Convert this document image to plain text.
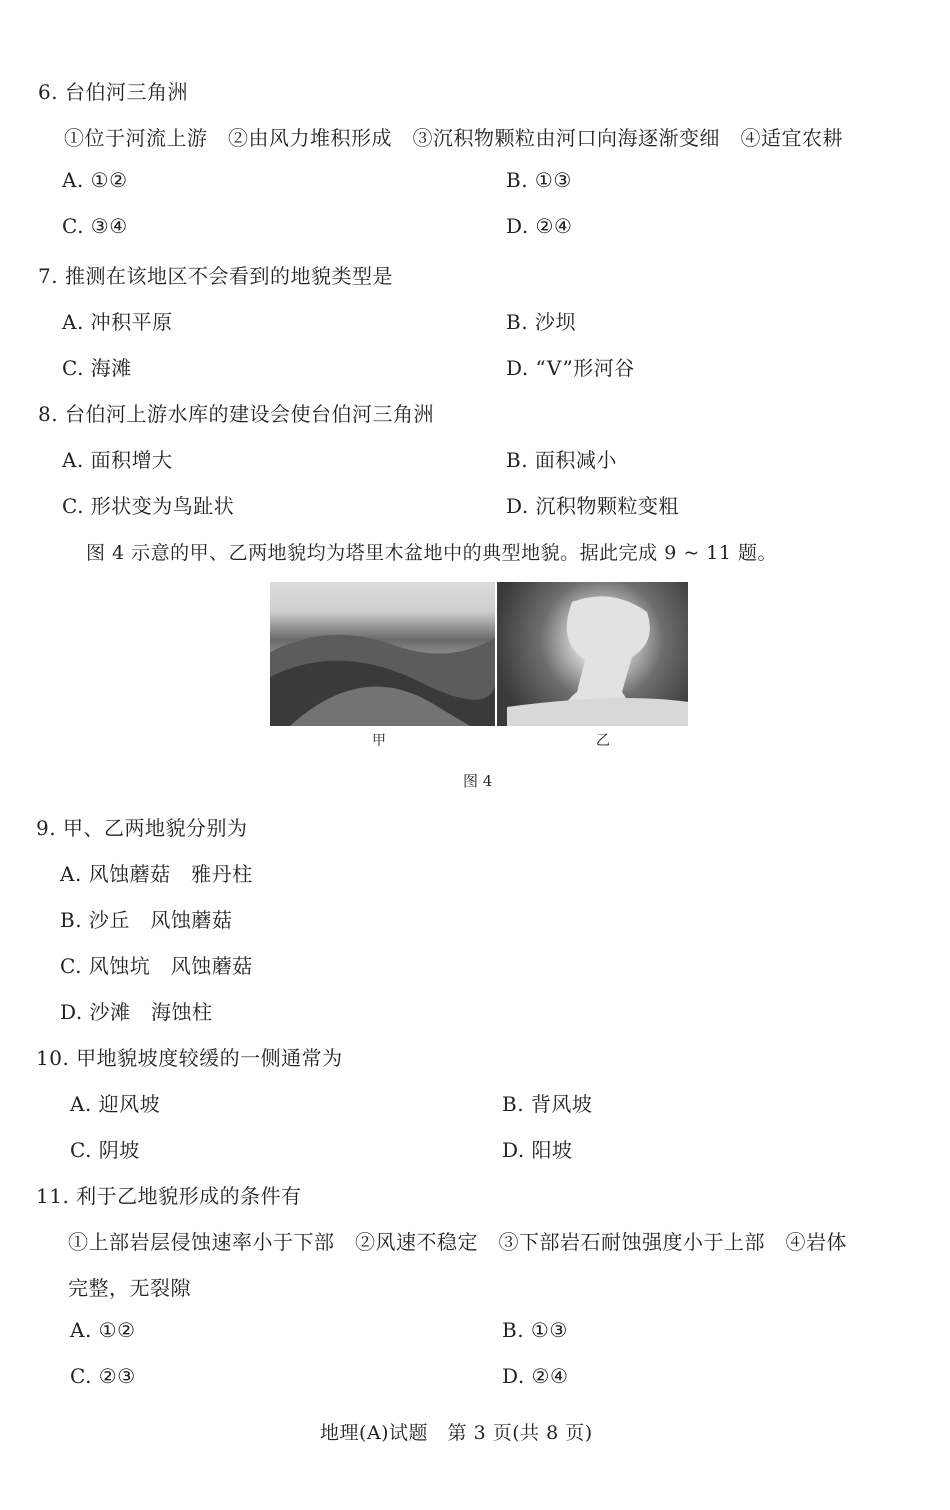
6. 台伯河三角洲
①位于河流上游　②由风力堆积形成　③沉积物颗粒由河口向海逐渐变细　④适宜农耕
A. ①②	B. ①③
C. ③④	D. ②④
7. 推测在该地区不会看到的地貌类型是
A. 冲积平原	B. 沙坝
C. 海滩	D. “V”形河谷
8. 台伯河上游水库的建设会使台伯河三角洲
A. 面积增大	B. 面积减小
C. 形状变为鸟趾状	D. 沉积物颗粒变粗
图 4 示意的甲、乙两地貌均为塔里木盆地中的典型地貌。据此完成 9 ~ 11 题。
甲	乙
图 4
9. 甲、乙两地貌分别为
A. 风蚀蘑菇　雅丹柱
B. 沙丘　风蚀蘑菇
C. 风蚀坑　风蚀蘑菇
D. 沙滩　海蚀柱
10. 甲地貌坡度较缓的一侧通常为
A. 迎风坡	B. 背风坡
C. 阴坡	D. 阳坡
11. 利于乙地貌形成的条件有
①上部岩层侵蚀速率小于下部　②风速不稳定　③下部岩石耐蚀强度小于上部　④岩体
完整，无裂隙
A. ①②	B. ①③
C. ②③	D. ②④
地理(A)试题　第 3 页(共 8 页)
